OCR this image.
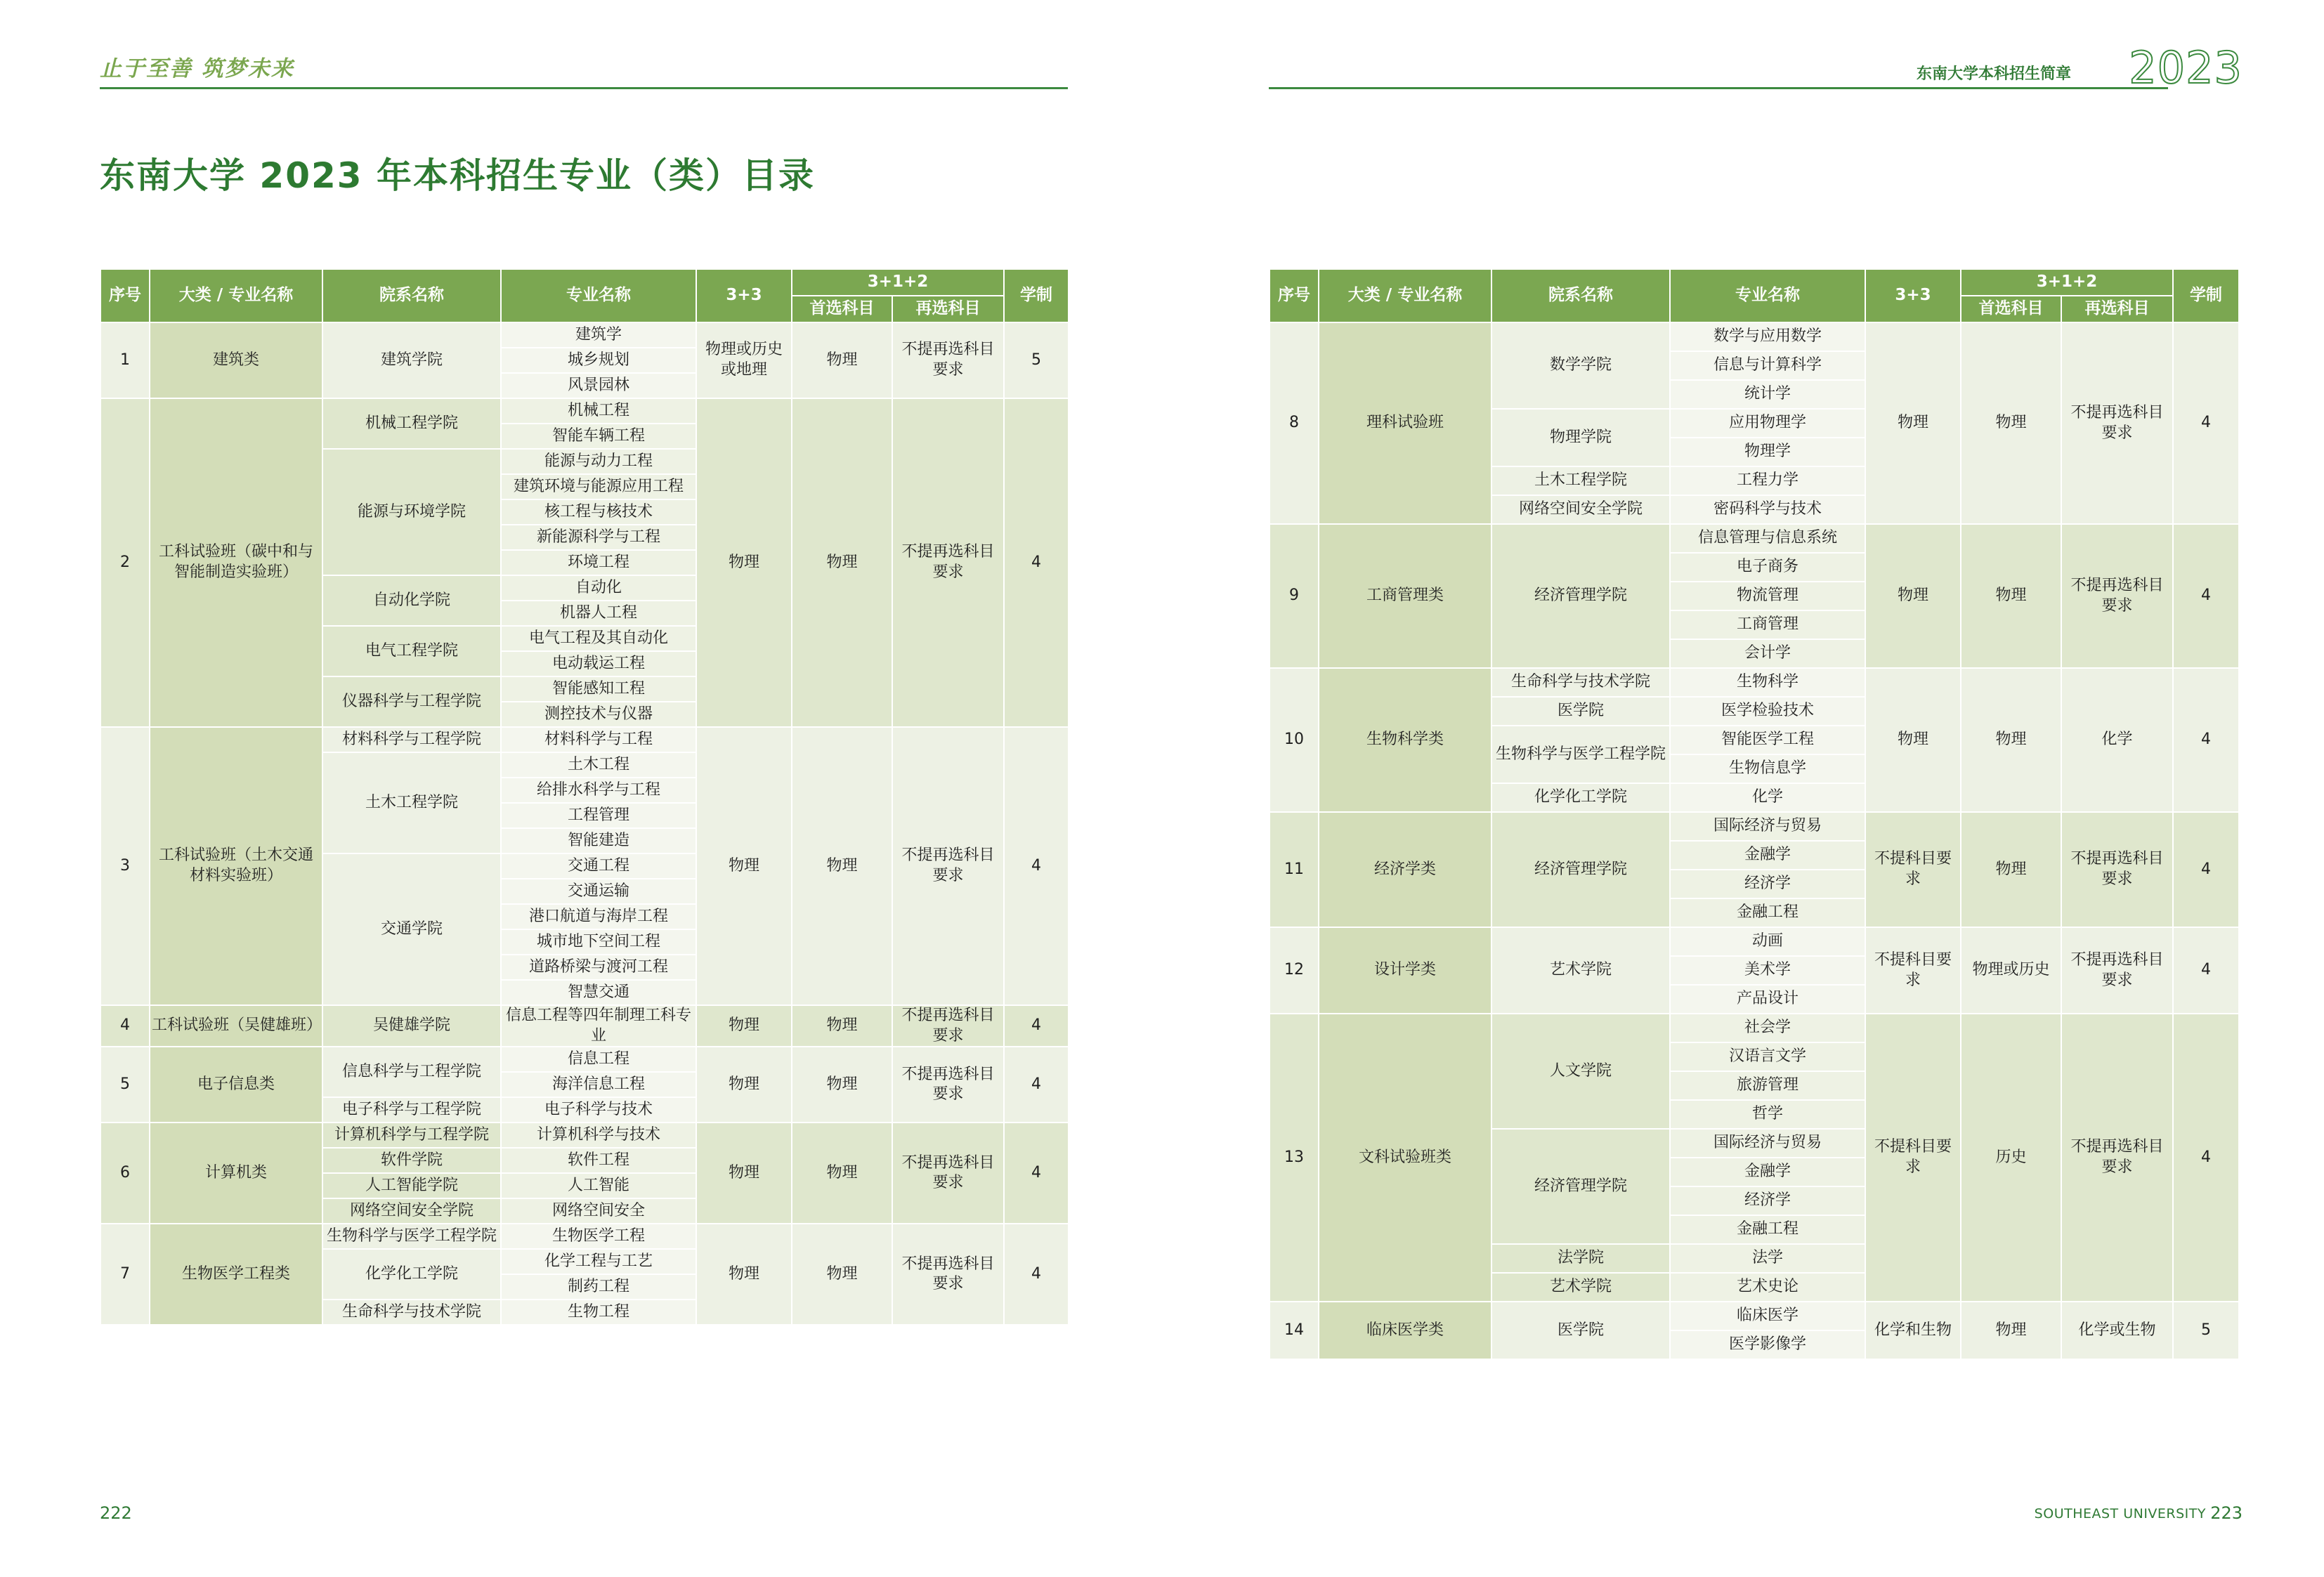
止于至善 筑梦未来	东南大学本科招生简章 2023
东南大学 2023 年本科招生专业（类）目录
序号	大类 / 专业名称	院系名称	专业名称	3+3	3+1+2		学制
					首选科目	再选科目	
1	建筑类	建筑学院	建筑学	物理或历史或地理	物理	不提再选科目要求	5
			城乡规划				
			风景园林				
2	工科试验班（碳中和与智能制造实验班）	机械工程学院	机械工程	物理	物理	不提再选科目要求	4
			智能车辆工程				
		能源与环境学院	能源与动力工程				
			建筑环境与能源应用工程				
			核工程与核技术				
			新能源科学与工程				
			环境工程				
		自动化学院	自动化				
			机器人工程				
		电气工程学院	电气工程及其自动化				
			电动载运工程				
		仪器科学与工程学院	智能感知工程				
			测控技术与仪器				
3	工科试验班（土木交通材料实验班）	材料科学与工程学院	材料科学与工程	物理	物理	不提再选科目要求	4
		土木工程学院	土木工程				
			给排水科学与工程				
			工程管理				
			智能建造				
		交通学院	交通工程				
			交通运输				
			港口航道与海岸工程				
			城市地下空间工程				
			道路桥梁与渡河工程				
			智慧交通				
4	工科试验班（吴健雄班）	吴健雄学院	信息工程等四年制理工科专业	物理	物理	不提再选科目要求	4
5	电子信息类	信息科学与工程学院	信息工程	物理	物理	不提再选科目要求	4
			海洋信息工程				
		电子科学与工程学院	电子科学与技术				
6	计算机类	计算机科学与工程学院	计算机科学与技术	物理	物理	不提再选科目要求	4
		软件学院	软件工程				
		人工智能学院	人工智能				
		网络空间安全学院	网络空间安全				
7	生物医学工程类	生物科学与医学工程学院	生物医学工程	物理	物理	不提再选科目要求	4
		化学化工学院	化学工程与工艺				
			制药工程				
		生命科学与技术学院	生物工程				
序号	大类 / 专业名称	院系名称	专业名称	3+3	3+1+2		学制
					首选科目	再选科目	
8	理科试验班	数学学院	数学与应用数学	物理	物理	不提再选科目要求	4
			信息与计算科学				
			统计学				
		物理学院	应用物理学				
			物理学				
		土木工程学院	工程力学				
		网络空间安全学院	密码科学与技术				
9	工商管理类	经济管理学院	信息管理与信息系统	物理	物理	不提再选科目要求	4
			电子商务				
			物流管理				
			工商管理				
			会计学				
10	生物科学类	生命科学与技术学院	生物科学	物理	物理	化学	4
		医学院	医学检验技术				
		生物科学与医学工程学院	智能医学工程				
			生物信息学				
		化学化工学院	化学				
11	经济学类	经济管理学院	国际经济与贸易	不提科目要求	物理	不提再选科目要求	4
			金融学				
			经济学				
			金融工程				
12	设计学类	艺术学院	动画	不提科目要求	物理或历史	不提再选科目要求	4
			美术学				
			产品设计				
13	文科试验班类	人文学院	社会学	不提科目要求	历史	不提再选科目要求	4
			汉语言文学				
			旅游管理				
			哲学				
		经济管理学院	国际经济与贸易				
			金融学				
			经济学				
			金融工程				
		法学院	法学				
		艺术学院	艺术史论				
14	临床医学类	医学院	临床医学	化学和生物	物理	化学或生物	5
			医学影像学				
222	SOUTHEAST UNIVERSITY 223
